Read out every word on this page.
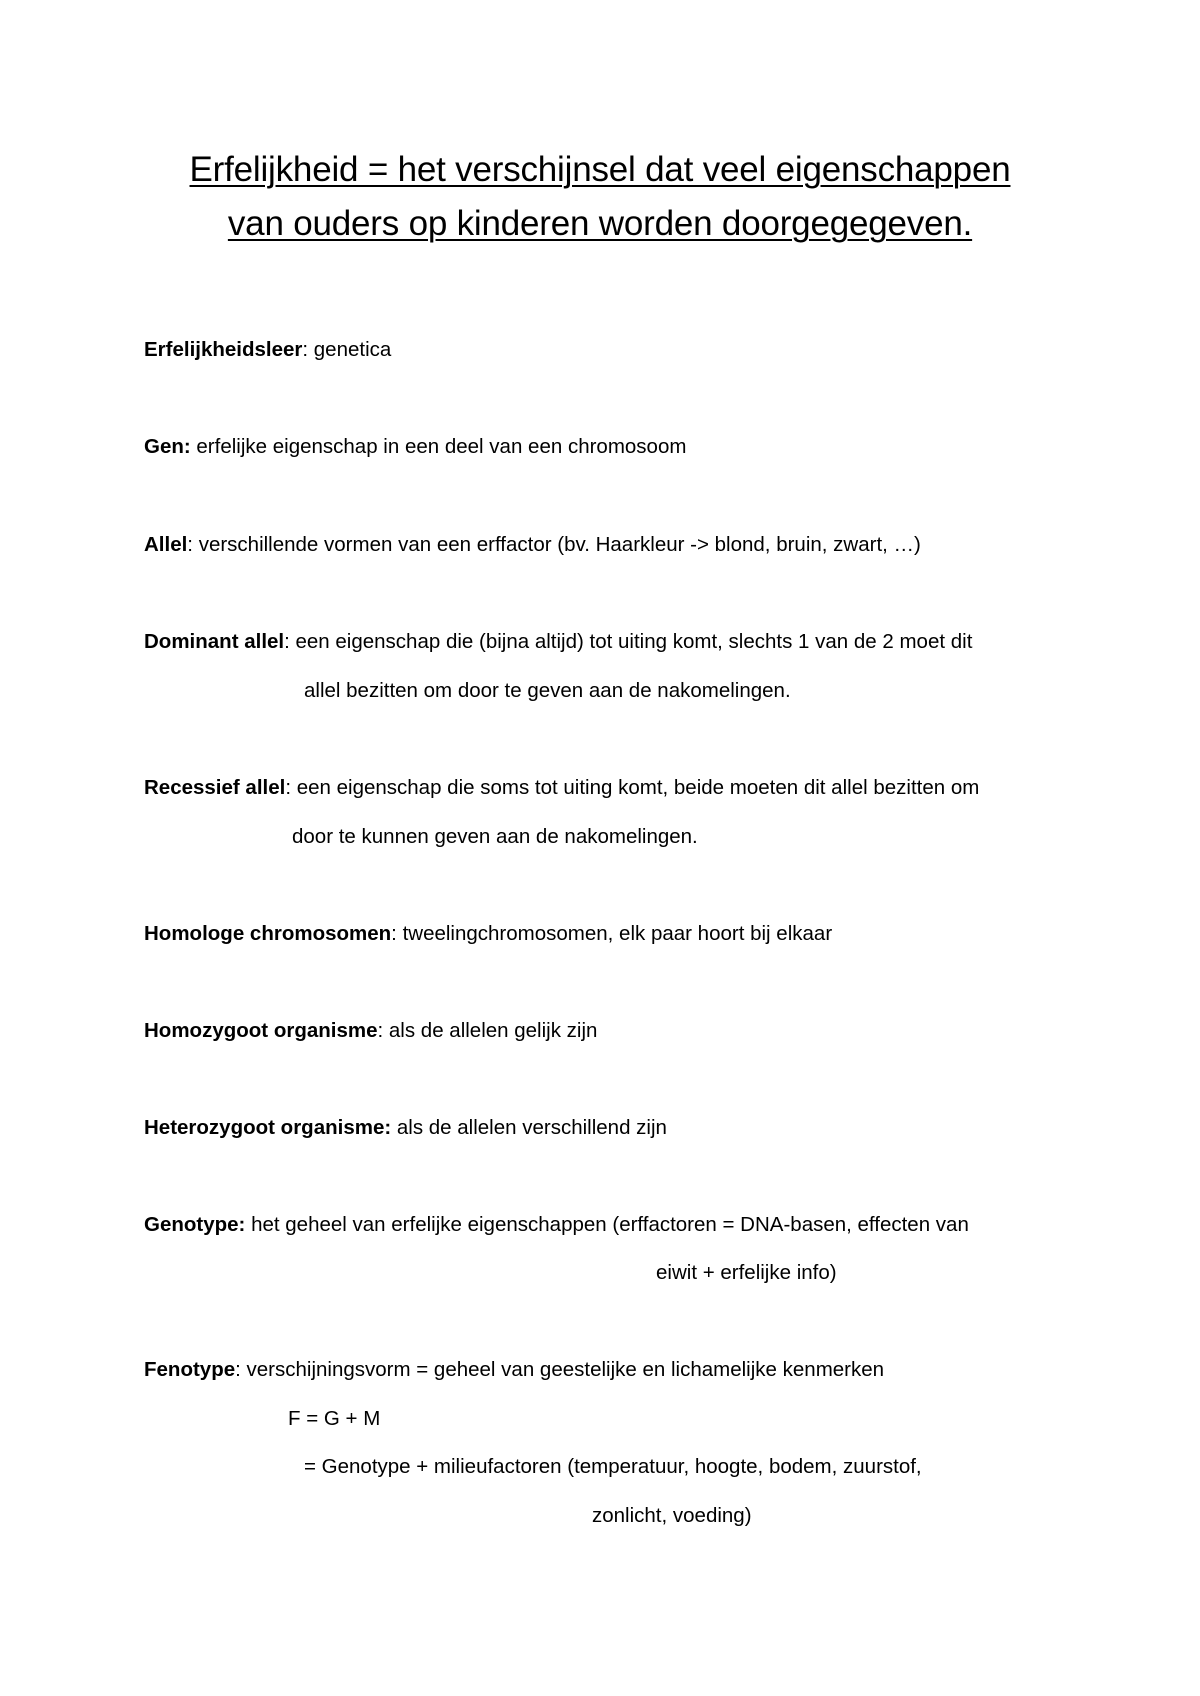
Erfelijkheid = het verschijnsel dat veel eigenschappen
van ouders op kinderen worden doorgegegeven.
Erfelijkheidsleer: genetica
Gen: erfelijke eigenschap in een deel van een chromosoom
Allel: verschillende vormen van een erffactor (bv. Haarkleur -> blond, bruin, zwart, …)
Dominant allel: een eigenschap die (bijna altijd) tot uiting komt, slechts 1 van de 2 moet dit
allel bezitten om door te geven aan de nakomelingen.
Recessief allel: een eigenschap die soms tot uiting komt, beide moeten dit allel bezitten om
door te kunnen geven aan de nakomelingen.
Homologe chromosomen: tweelingchromosomen, elk paar hoort bij elkaar
Homozygoot organisme: als de allelen gelijk zijn
Heterozygoot organisme: als de allelen verschillend zijn
Genotype: het geheel van erfelijke eigenschappen (erffactoren = DNA-basen, effecten van
eiwit + erfelijke info)
Fenotype: verschijningsvorm = geheel van geestelijke en lichamelijke kenmerken
F = G + M
= Genotype + milieufactoren (temperatuur, hoogte, bodem, zuurstof,
zonlicht, voeding)
